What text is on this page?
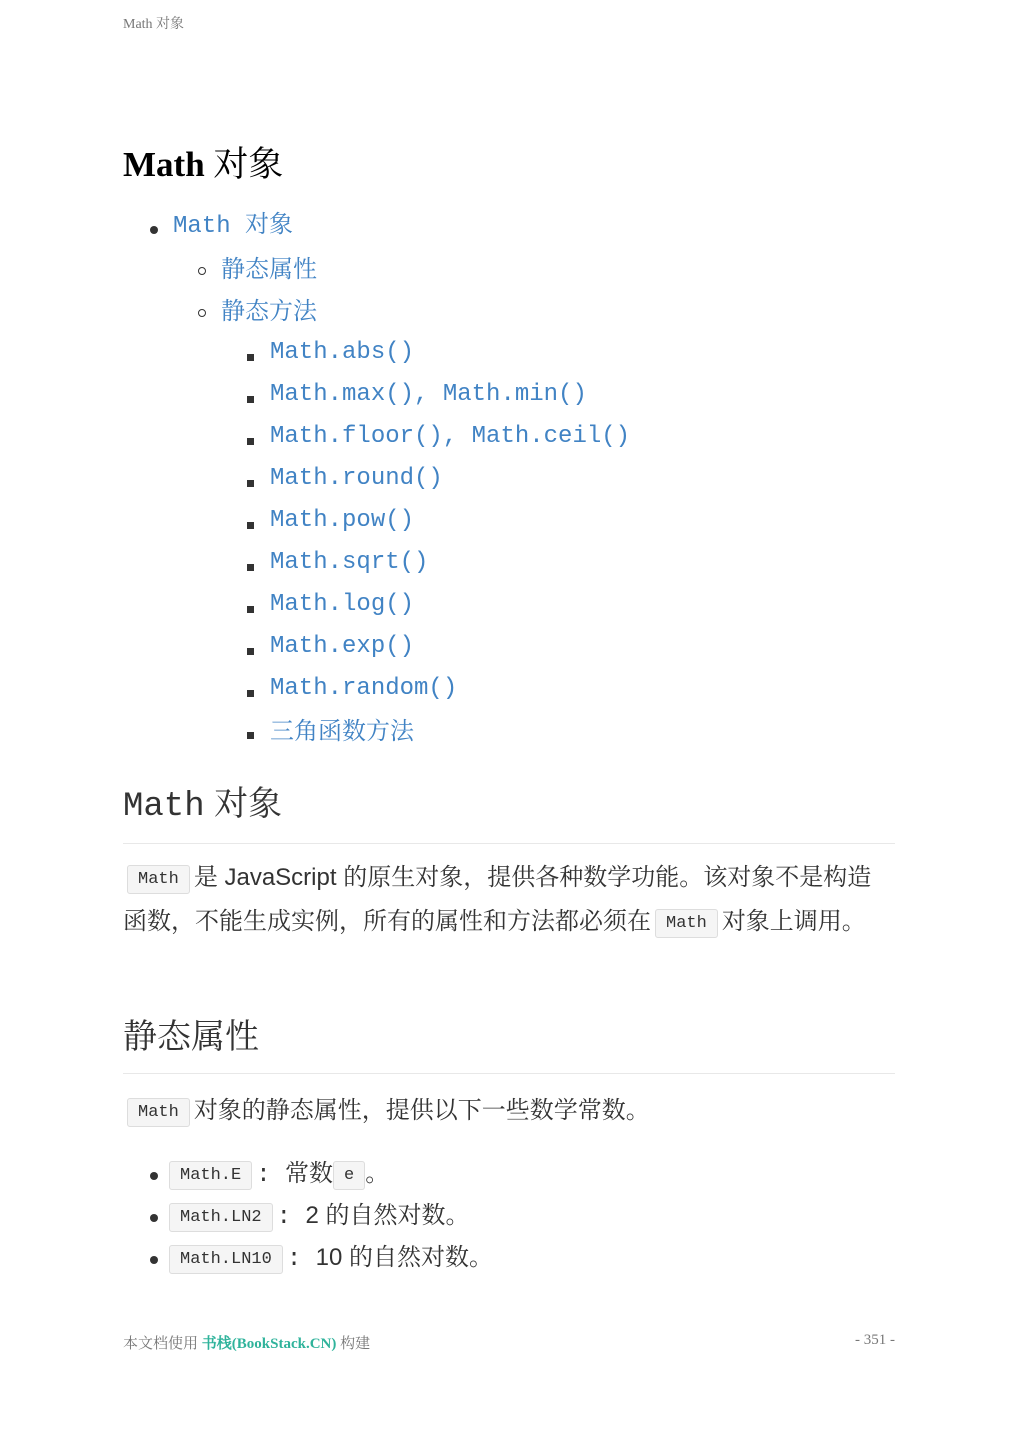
Math 对象
Math 对象
Math 对象
静态属性
静态方法
Math.abs()
Math.max(), Math.min()
Math.floor(), Math.ceil()
Math.round()
Math.pow()
Math.sqrt()
Math.log()
Math.exp()
Math.random()
三角函数方法
Math 对象

Math 是 JavaScript 的原生对象，提供各种数学功能。该对象不是构造函数，不能生成实例，所有的属性和方法都必须在 Math 对象上调用。

静态属性

Math 对象的静态属性，提供以下一些数学常数。

Math.E : 常数 e 。
Math.LN2 : 2 的自然对数。
Math.LN10 : 10 的自然对数。
本文档使用 书栈(BookStack.CN) 构建	- 351 -
